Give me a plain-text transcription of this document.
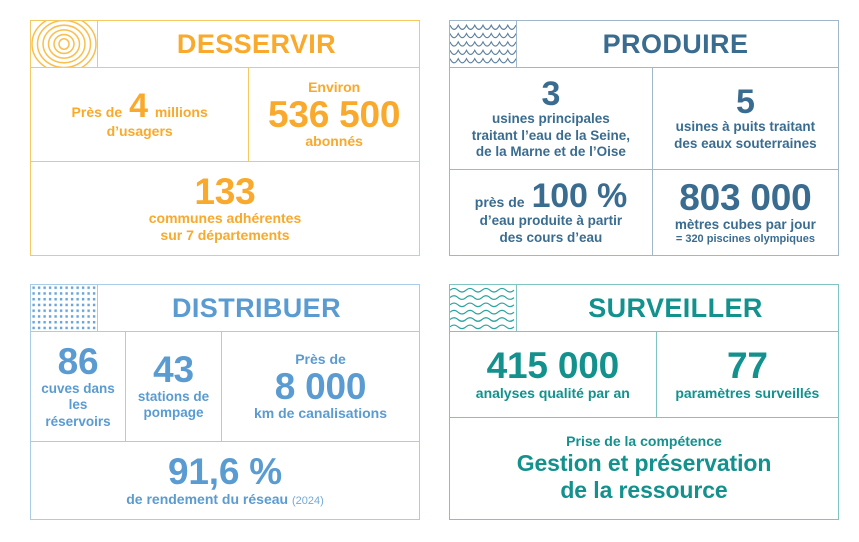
DESSERVIR
Près de 4 millions
d’usagers
Environ
536 500
abonnés
133
communes adhérentes
sur 7 départements
PRODUIRE
3
usines principales
traitant l’eau de la Seine,
de la Marne et de l’Oise
5
usines à puits traitant
des eaux souterraines
près de 100 %
d’eau produite à partir
des cours d’eau
803 000
mètres cubes par jour
= 320 piscines olympiques
DISTRIBUER
86
cuves dans
les réservoirs
43
stations de
pompage
Près de
8 000
km de canalisations
91,6 %
de rendement du réseau (2024)
SURVEILLER
415 000
analyses qualité par an
77
paramètres surveillés
Prise de la compétence
Gestion et préservation
de la ressource
